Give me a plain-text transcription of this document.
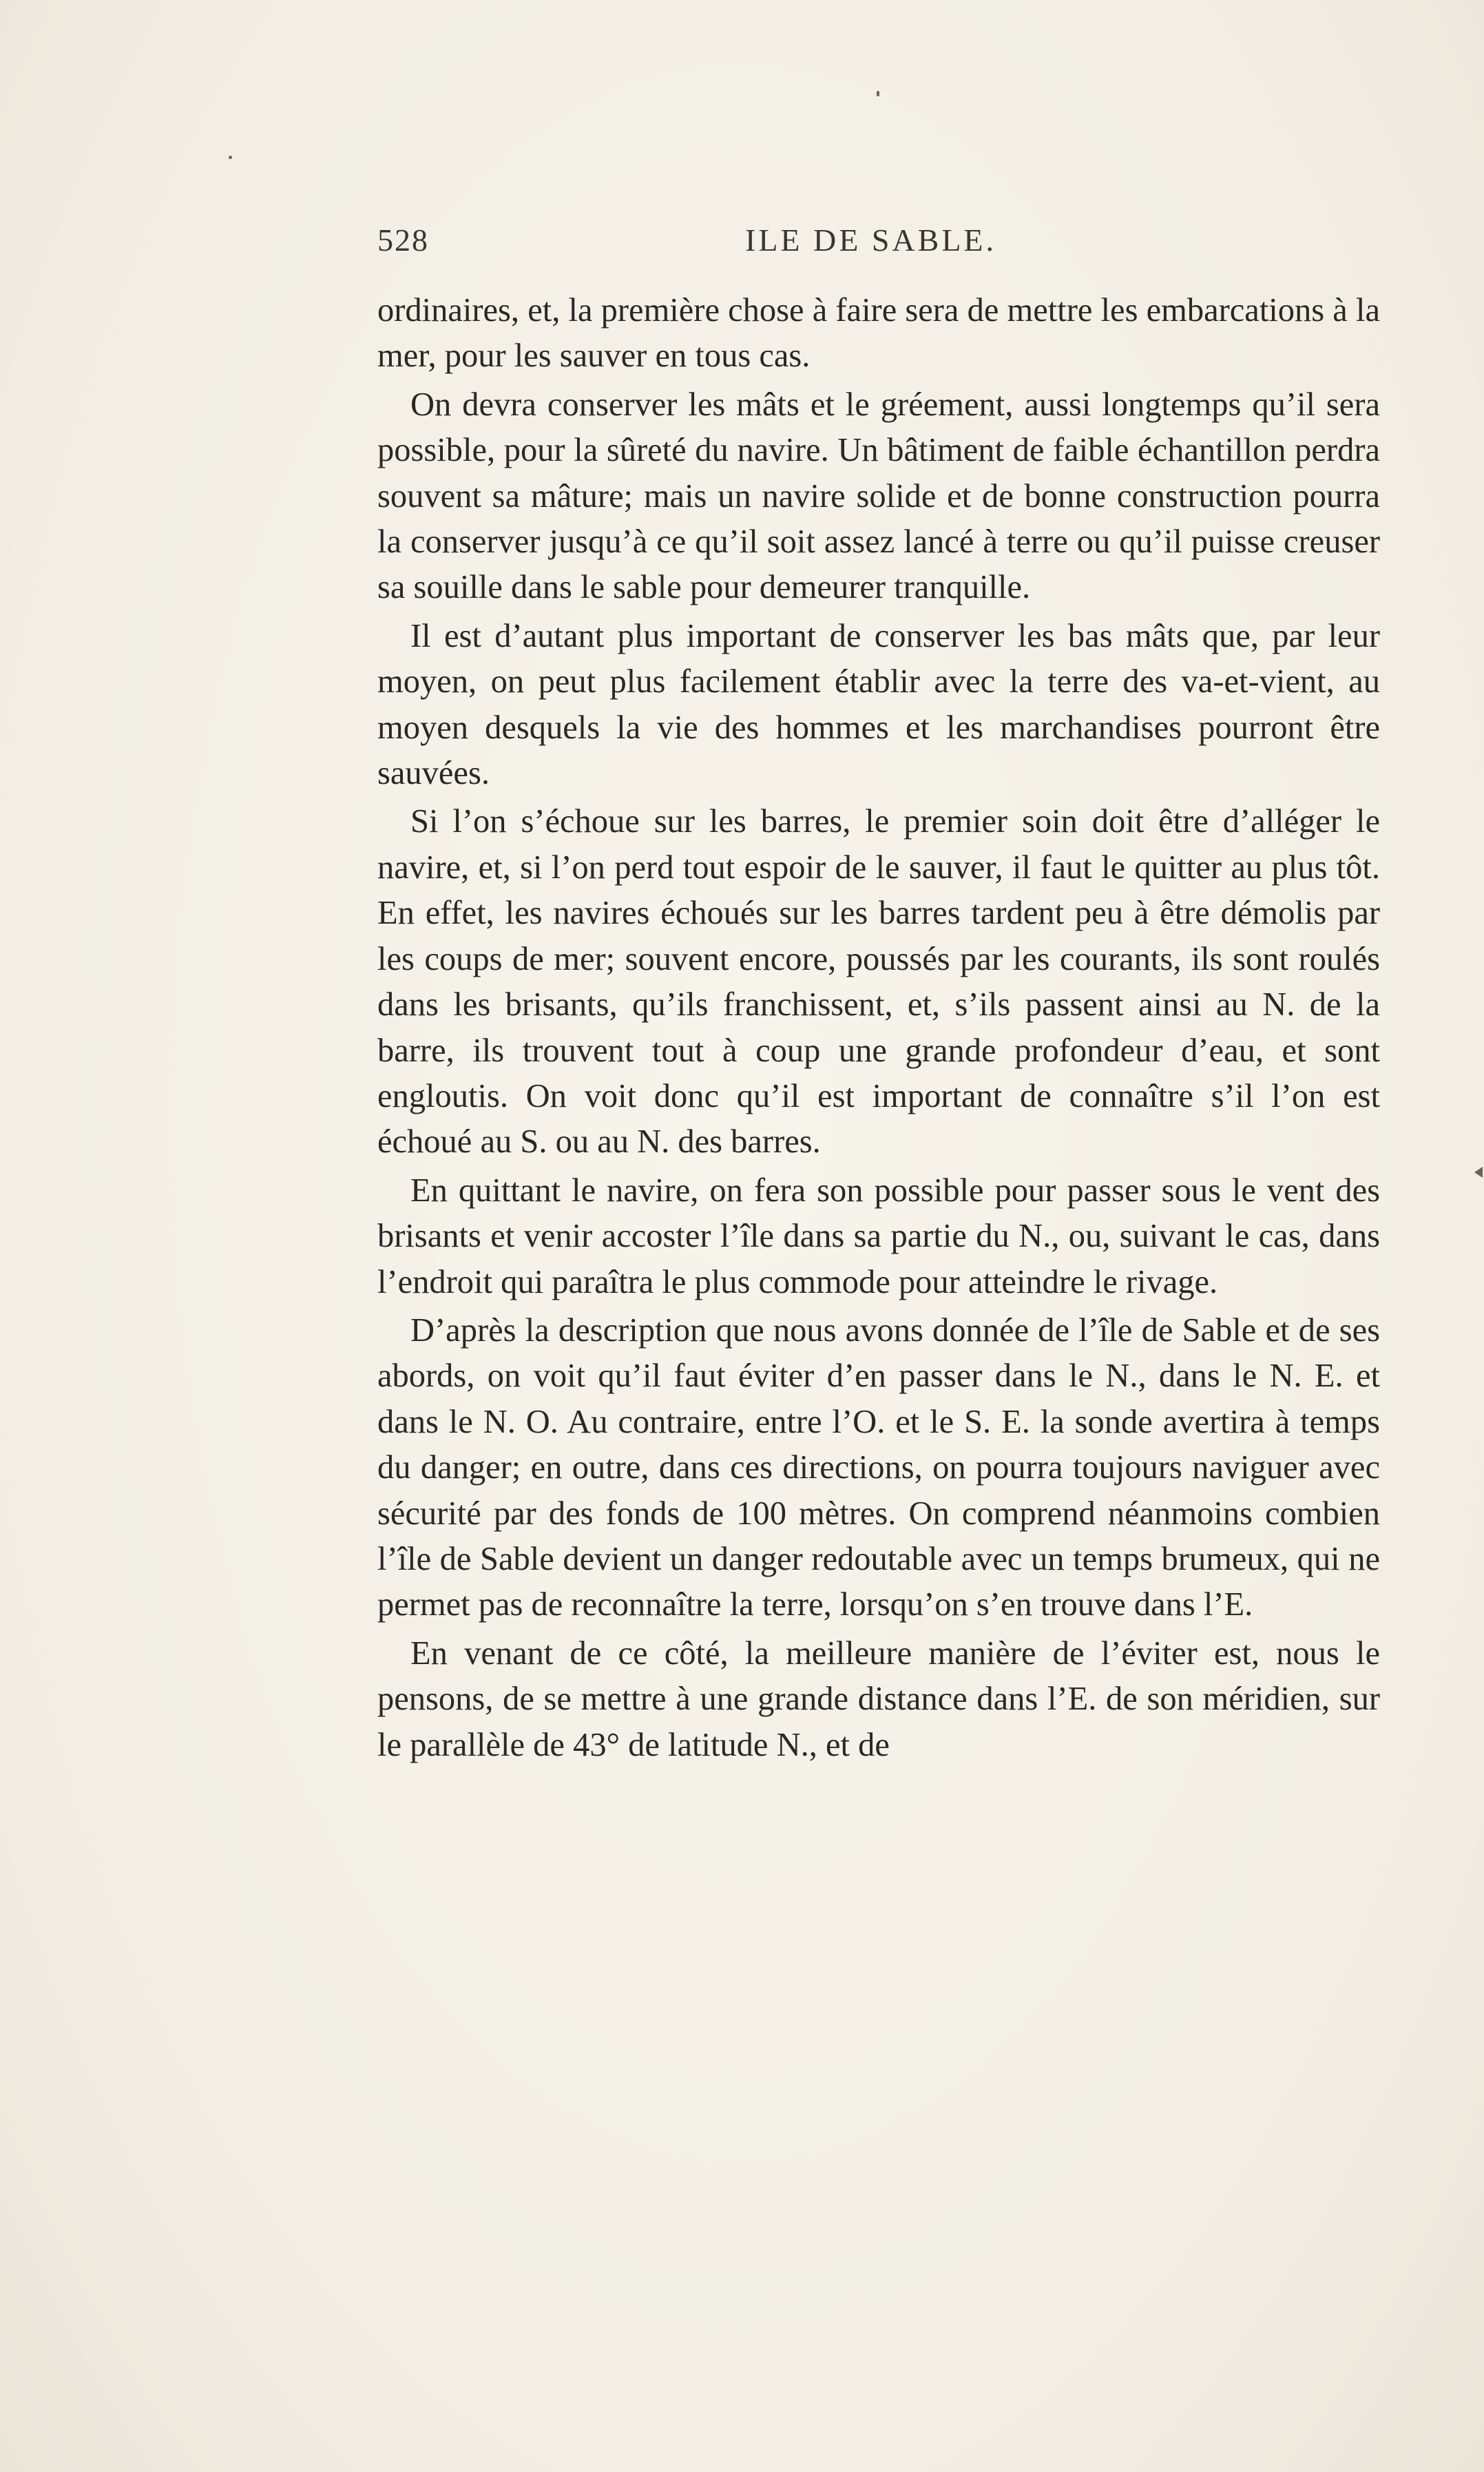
528	ILE DE SABLE.

ordinaires, et, la première chose à faire sera de mettre les embarcations à la mer, pour les sauver en tous cas.

On devra conserver les mâts et le gréement, aussi longtemps qu’il sera possible, pour la sûreté du navire. Un bâtiment de faible échantillon perdra souvent sa mâture; mais un navire solide et de bonne construction pourra la conserver jusqu’à ce qu’il soit assez lancé à terre ou qu’il puisse creuser sa souille dans le sable pour demeurer tranquille.

Il est d’autant plus important de conserver les bas mâts que, par leur moyen, on peut plus facilement établir avec la terre des va-et-vient, au moyen desquels la vie des hommes et les marchandises pourront être sauvées.

Si l’on s’échoue sur les barres, le premier soin doit être d’alléger le navire, et, si l’on perd tout espoir de le sauver, il faut le quitter au plus tôt. En effet, les navires échoués sur les barres tardent peu à être démolis par les coups de mer; souvent encore, poussés par les courants, ils sont roulés dans les brisants, qu’ils franchissent, et, s’ils passent ainsi au N. de la barre, ils trouvent tout à coup une grande profondeur d’eau, et sont engloutis. On voit donc qu’il est important de connaître s’il l’on est échoué au S. ou au N. des barres.

En quittant le navire, on fera son possible pour passer sous le vent des brisants et venir accoster l’île dans sa partie du N., ou, suivant le cas, dans l’endroit qui paraîtra le plus commode pour atteindre le rivage.

D’après la description que nous avons donnée de l’île de Sable et de ses abords, on voit qu’il faut éviter d’en passer dans le N., dans le N. E. et dans le N. O. Au contraire, entre l’O. et le S. E. la sonde avertira à temps du danger; en outre, dans ces directions, on pourra toujours naviguer avec sécurité par des fonds de 100 mètres. On comprend néanmoins combien l’île de Sable devient un danger redoutable avec un temps brumeux, qui ne permet pas de reconnaître la terre, lorsqu’on s’en trouve dans l’E.

En venant de ce côté, la meilleure manière de l’éviter est, nous le pensons, de se mettre à une grande distance dans l’E. de son méridien, sur le parallèle de 43° de latitude N., et de
